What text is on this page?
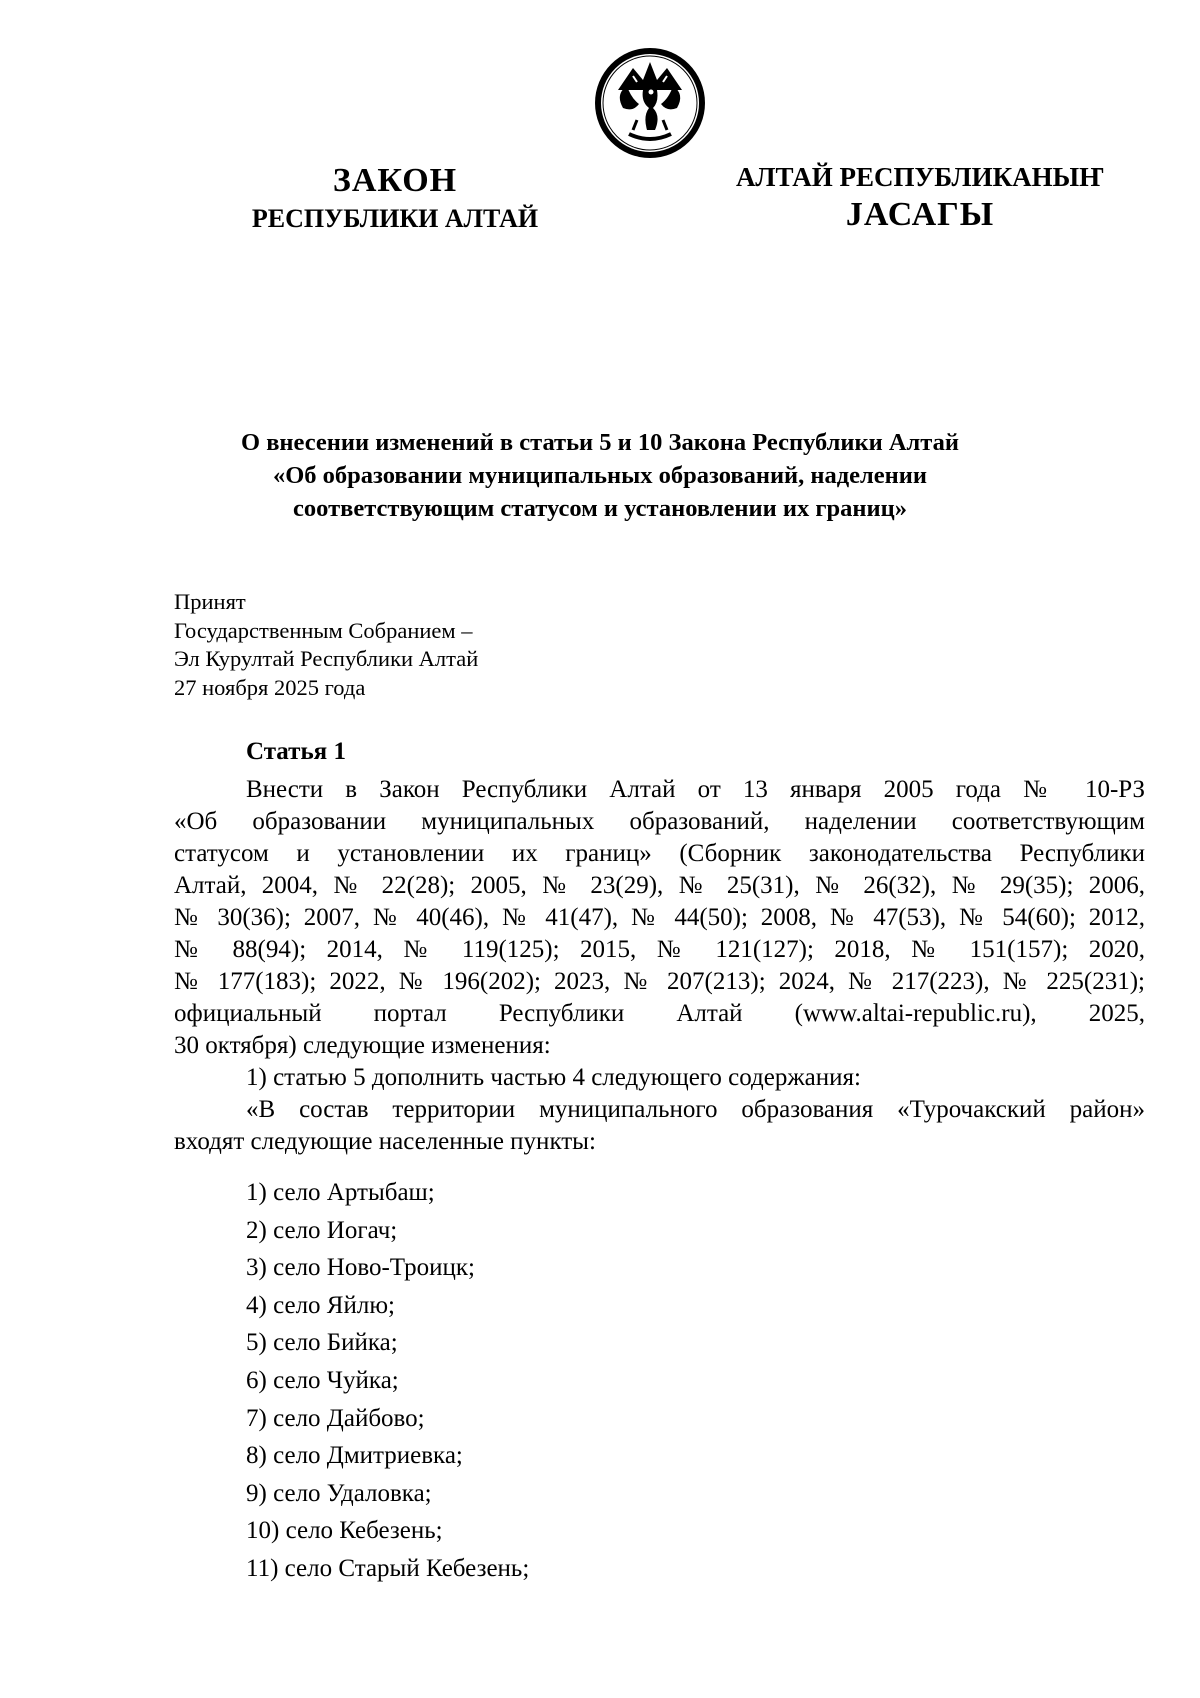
ЗАКОН
РЕСПУБЛИКИ АЛТАЙ
АЛТАЙ РЕСПУБЛИКАНЫҤ
ЈАСАГЫ
О внесении изменений в статьи 5 и 10 Закона Республики Алтай
«Об образовании муниципальных образований, наделении
соответствующим статусом и установлении их границ»
Принят
Государственным Собранием –
Эл Курултай Республики Алтай
27 ноября 2025 года
Статья 1
Внести в Закон Республики Алтай от 13 января 2005 года № 10-РЗ
«Об образовании муниципальных образований, наделении соответствующим
статусом и установлении их границ» (Сборник законодательства Республики
Алтай, 2004, № 22(28); 2005, № 23(29), № 25(31), № 26(32), № 29(35); 2006,
№ 30(36); 2007, № 40(46), № 41(47), № 44(50); 2008, № 47(53), № 54(60); 2012,
№ 88(94); 2014, № 119(125); 2015, № 121(127); 2018, № 151(157); 2020,
№ 177(183); 2022, № 196(202); 2023, № 207(213); 2024, № 217(223), № 225(231);
официальный портал Республики Алтай (www.altai-republic.ru), 2025,
30 октября) следующие изменения:
1) статью 5 дополнить частью 4 следующего содержания:
«В состав территории муниципального образования «Турочакский район»
входят следующие населенные пункты:
1) село Артыбаш;
2) село Иогач;
3) село Ново-Троицк;
4) село Яйлю;
5) село Бийка;
6) село Чуйка;
7) село Дайбово;
8) село Дмитриевка;
9) село Удаловка;
10) село Кебезень;
11) село Старый Кебезень;
